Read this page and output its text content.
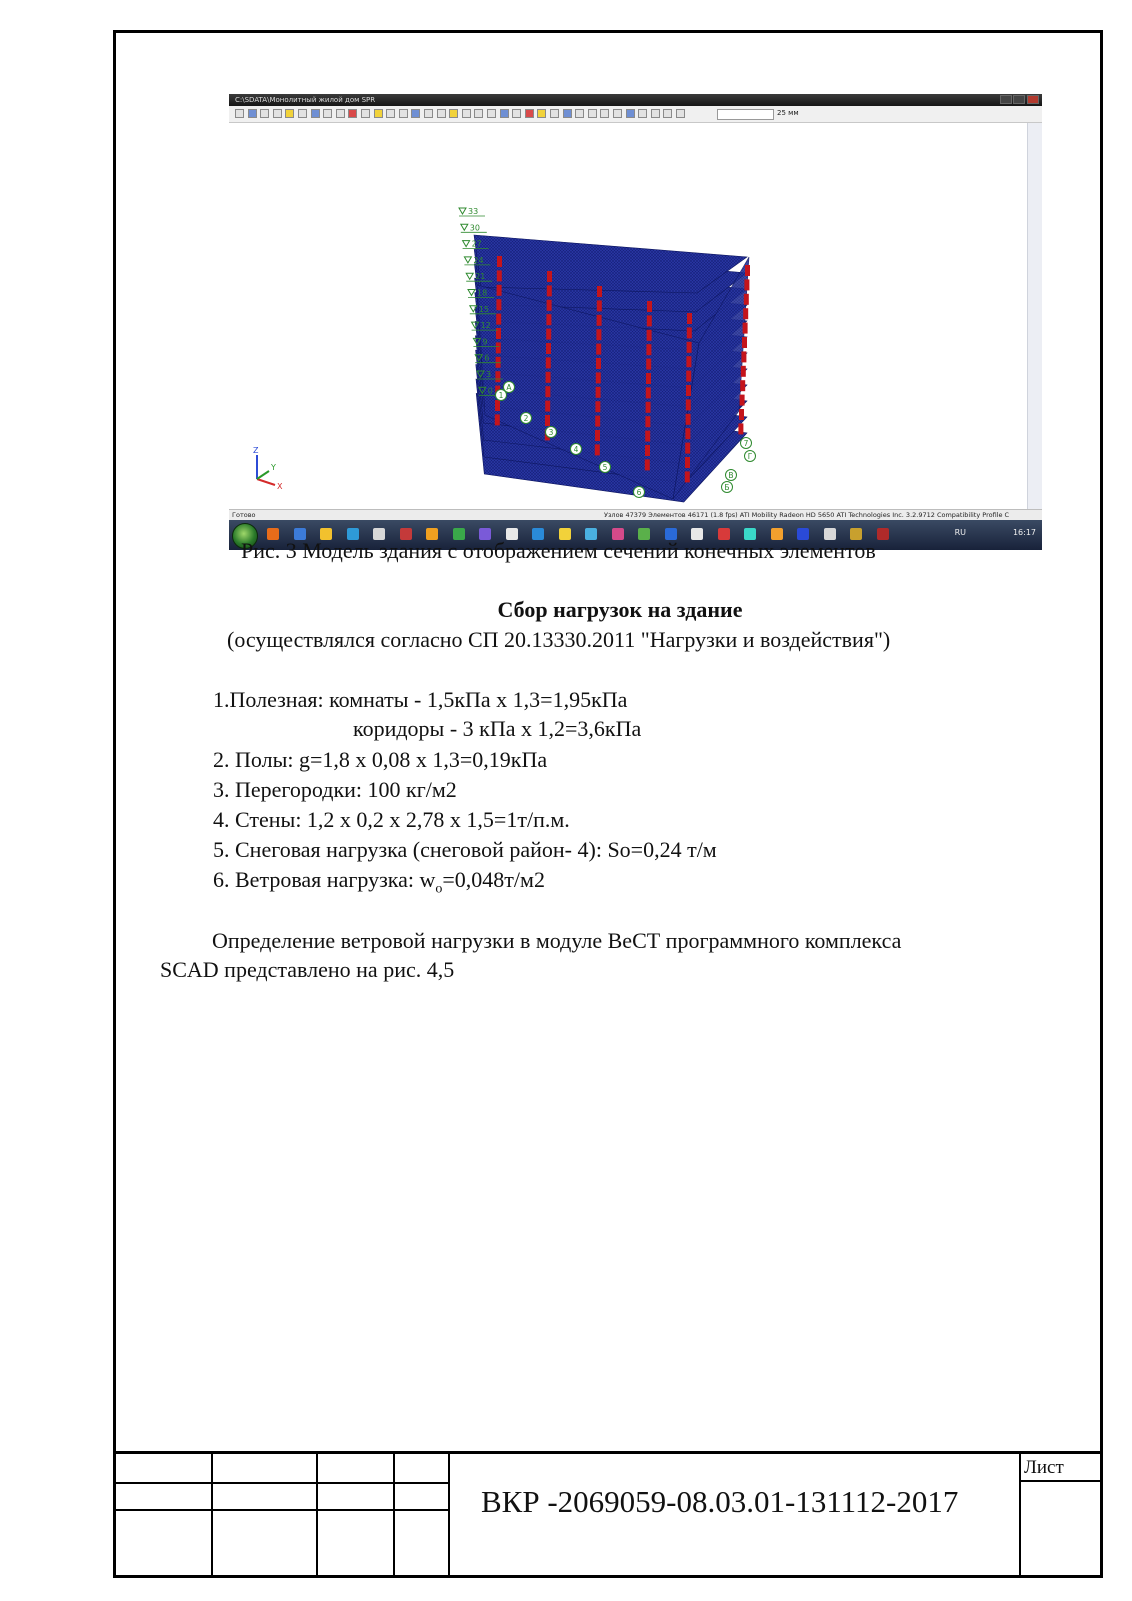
C:\SDATA\Монолитный жилой дом SPR
25 мм
33
30
27
24
21
18
15
12
9
6
3
0
1
2
3
4
5
6
7
А
Б
В
Г
Z
Y
X
Готово	Узлов 47379 Элементов 46171 (1.8 fps) ATI Mobility Radeon HD 5650 ATI Technologies Inc. 3.2.9712 Compatibility Profile C
RU	16:17
Рис. 3 Модель здания с отображением сечений конечных элементов
Сбор нагрузок на здание
(осуществлялся согласно СП 20.13330.2011 "Нагрузки и воздействия")
1.Полезная: комнаты - 1,5кПа х 1,3=1,95кПа
коридоры - 3 кПа х 1,2=3,6кПа
2. Полы: g=1,8 х 0,08 х 1,3=0,19кПа
3. Перегородки: 100 кг/м2
4. Стены: 1,2 х 0,2 х 2,78 х 1,5=1т/п.м.
5. Снеговая нагрузка (снеговой район- 4): So=0,24 т/м
6. Ветровая нагрузка: $w_o=0,048т/м2$
Определение ветровой нагрузки в модуле ВеСТ программного комплекса SCAD представлено на рис. 4,5
Лист
ВКР -2069059-08.03.01-131112-2017
